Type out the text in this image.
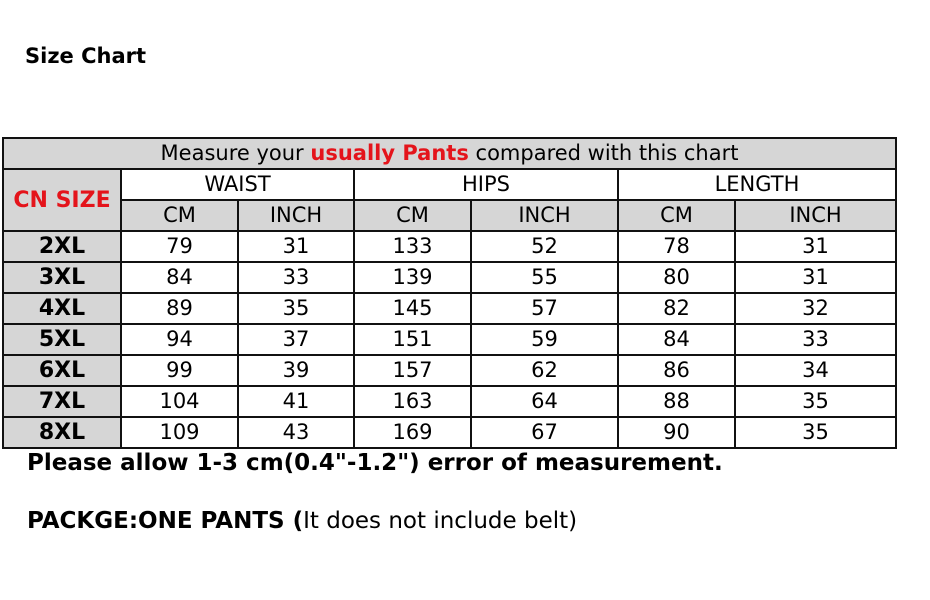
Size Chart
Measure your usually Pants compared with this chart						
CN SIZE	WAIST		HIPS		LENGTH	
	CM	INCH	CM	INCH	CM	INCH
2XL	79	31	133	52	78	31
3XL	84	33	139	55	80	31
4XL	89	35	145	57	82	32
5XL	94	37	151	59	84	33
6XL	99	39	157	62	86	34
7XL	104	41	163	64	88	35
8XL	109	43	169	67	90	35
Please allow 1-3 cm(0.4"-1.2") error of measurement.
PACKGE:ONE PANTS (It does not include belt)
